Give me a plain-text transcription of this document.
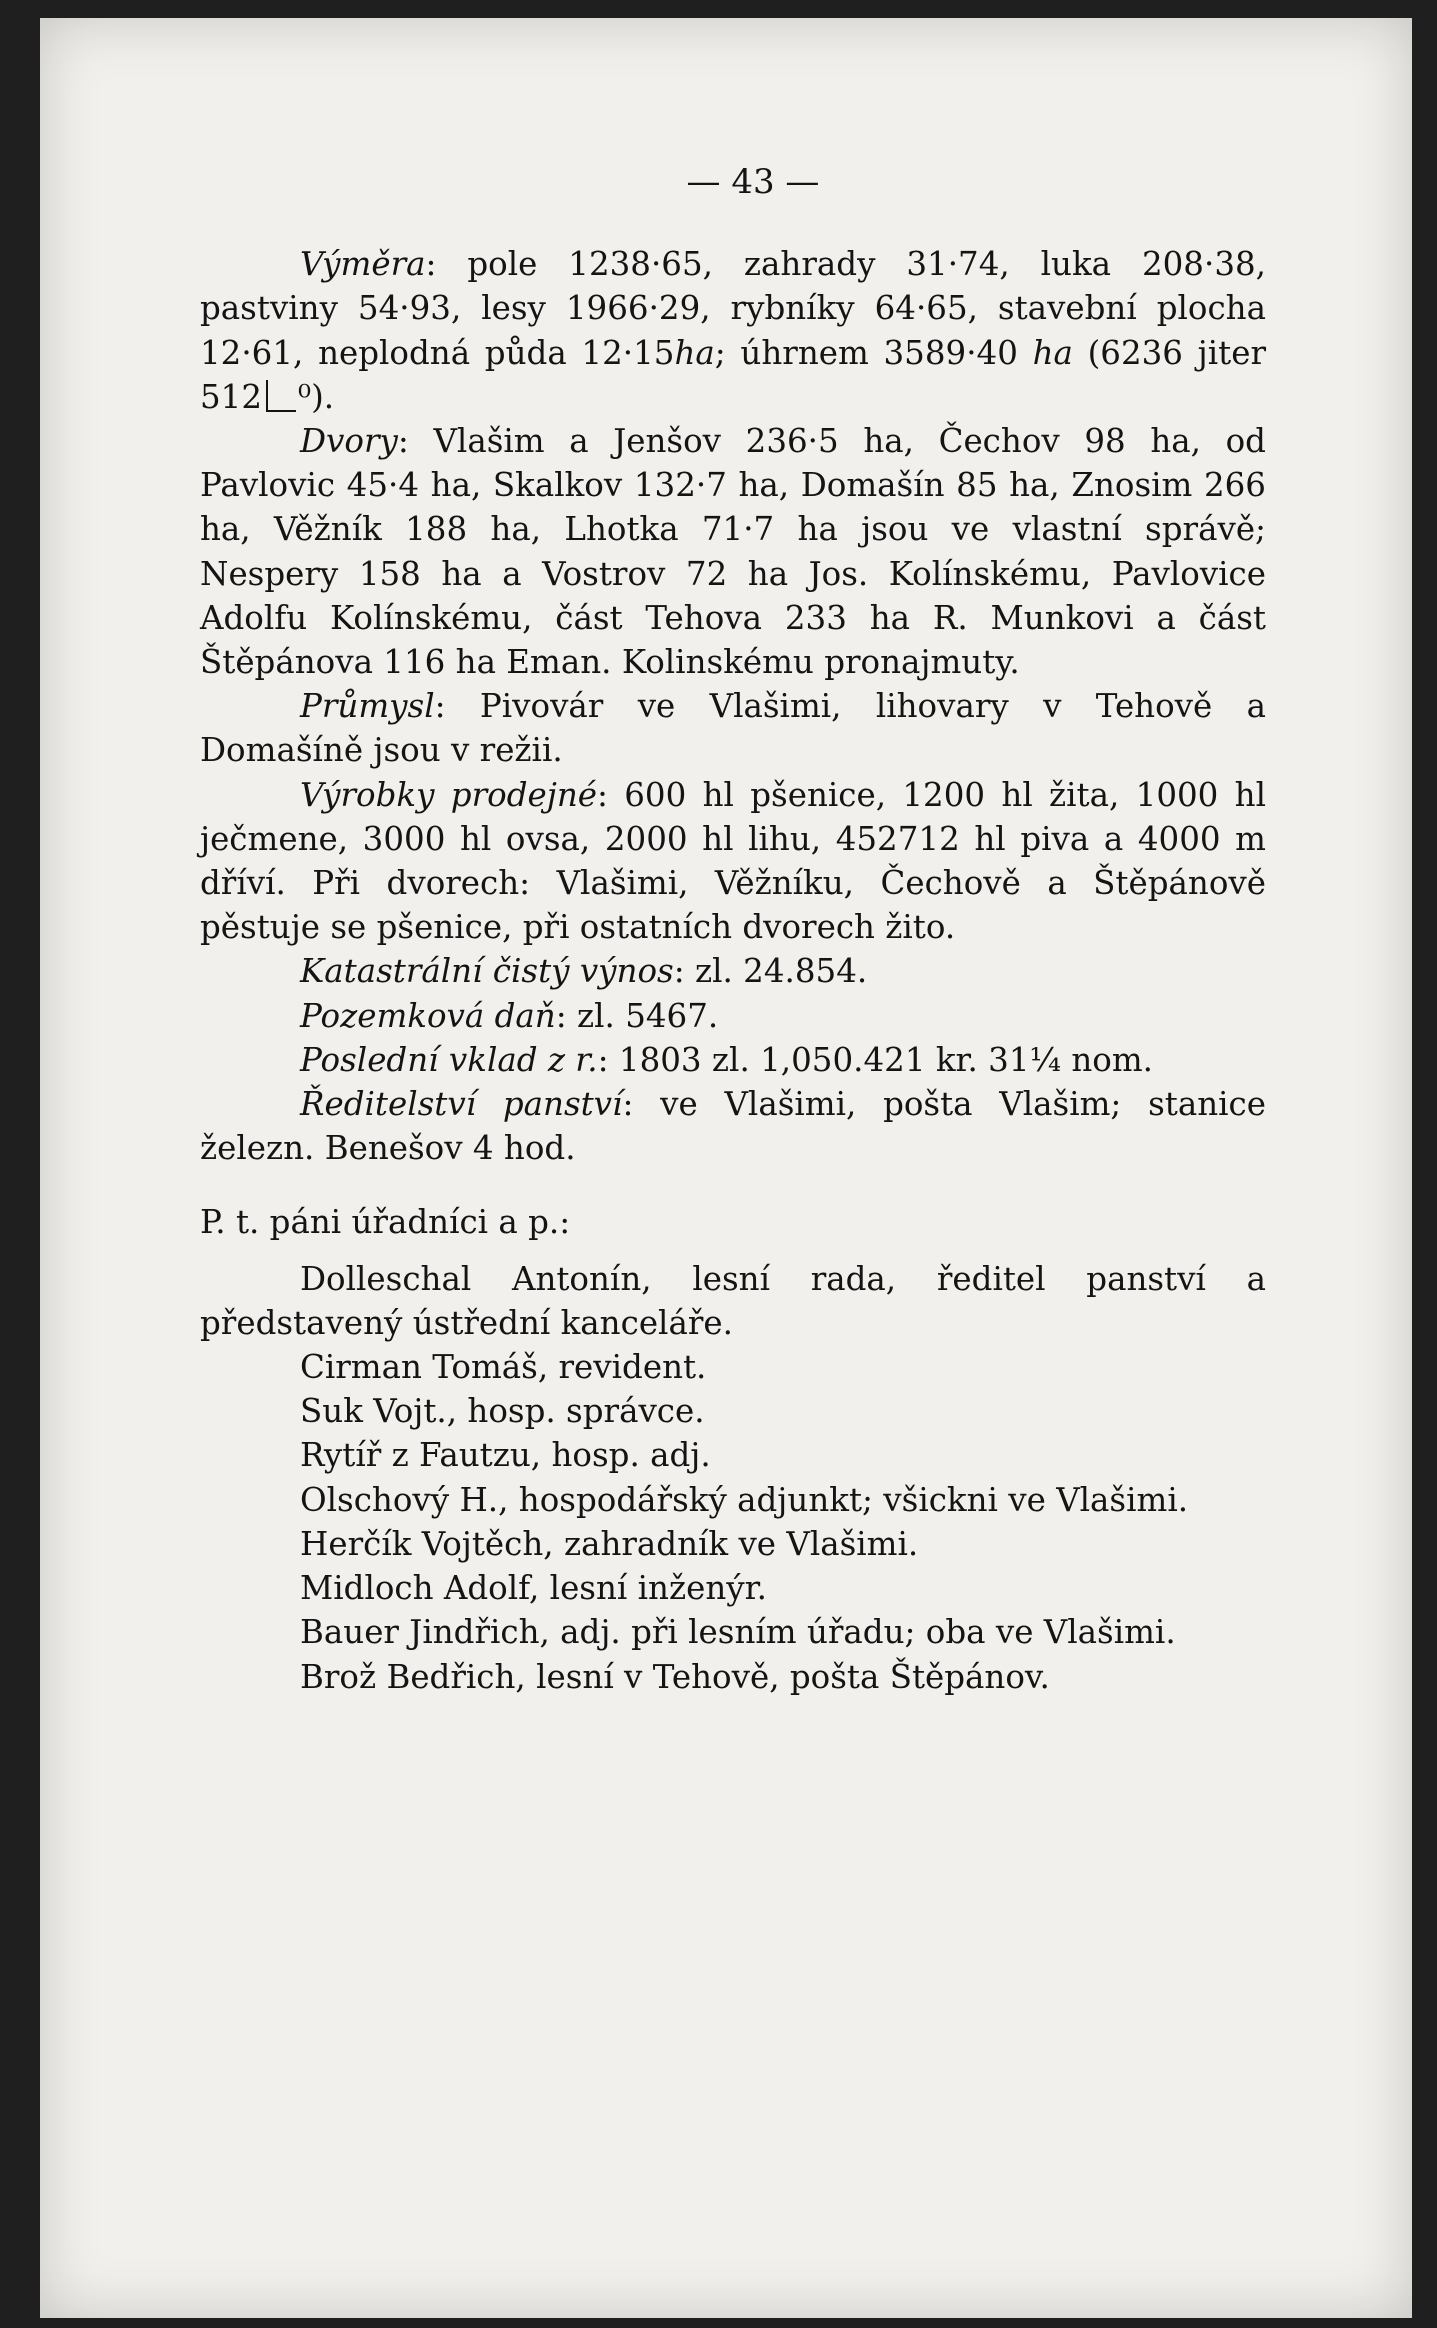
— 43 —

Výměra: pole 1238·65, zahrady 31·74, luka 208·38, pastviny 54·93, lesy 1966·29, rybníky 64·65, stavební plocha 12·61, neplodná půda 12·15ha; úhrnem 3589·40 ha (6236 jiter 512 ⁰).

Dvory: Vlašim a Jenšov 236·5 ha, Čechov 98 ha, od Pavlovic 45·4 ha, Skalkov 132·7 ha, Domašín 85 ha, Znosim 266 ha, Věžník 188 ha, Lhotka 71·7 ha jsou ve vlastní správě; Nespery 158 ha a Vostrov 72 ha Jos. Kolínskému, Pavlovice Adolfu Kolínskému, část Tehova 233 ha R. Munkovi a část Štěpánova 116 ha Eman. Kolinskému pronajmuty.

Průmysl: Pivovár ve Vlašimi, lihovary v Tehově a Domašíně jsou v režii.

Výrobky prodejné: 600 hl pšenice, 1200 hl žita, 1000 hl ječmene, 3000 hl ovsa, 2000 hl lihu, 452712 hl piva a 4000 m dříví. Při dvorech: Vlašimi, Věžníku, Čechově a Štěpánově pěstuje se pšenice, při ostatních dvorech žito.

Katastrální čistý výnos: zl. 24.854.

Pozemková daň: zl. 5467.

Poslední vklad z r.: 1803 zl. 1,050.421 kr. 31¼ nom.

Ředitelství panství: ve Vlašimi, pošta Vlašim; stanice železn. Benešov 4 hod.

P. t. páni úřadníci a p.:

Dolleschal Antonín, lesní rada, ředitel panství a představený ústřední kanceláře.

Cirman Tomáš, revident.

Suk Vojt., hosp. správce.

Rytíř z Fautzu, hosp. adj.

Olschový H., hospodářský adjunkt; všickni ve Vlašimi.

Herčík Vojtěch, zahradník ve Vlašimi.

Midloch Adolf, lesní inženýr.

Bauer Jindřich, adj. při lesním úřadu; oba ve Vlašimi.

Brož Bedřich, lesní v Tehově, pošta Štěpánov.
